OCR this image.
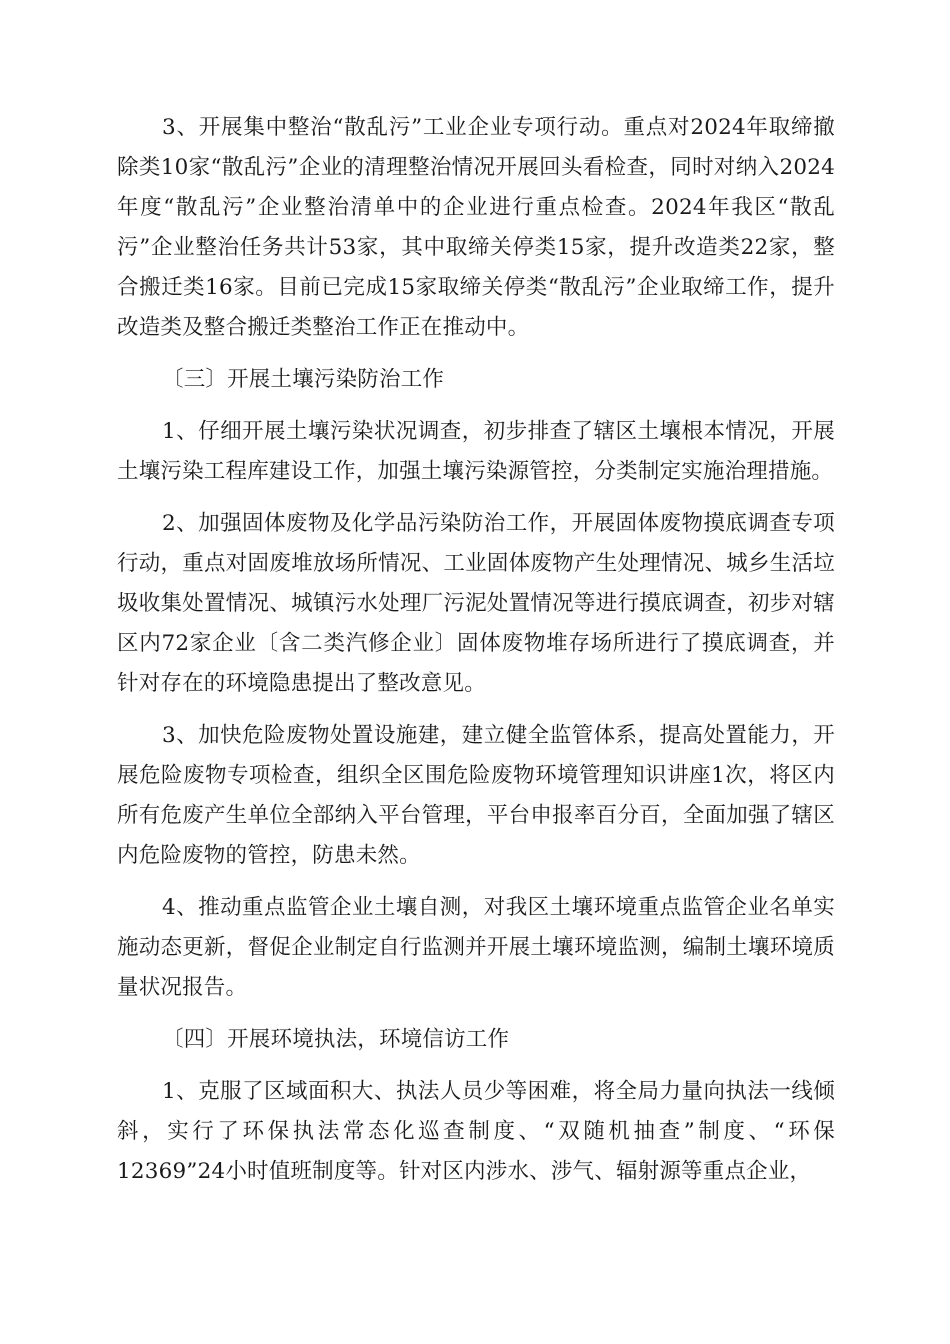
3、开展集中整治“散乱污”工业企业专项行动。重点对2024年取缔撤除类10家“散乱污”企业的清理整治情况开展回头看检查，同时对纳入2024年度“散乱污”企业整治清单中的企业进行重点检查。2024年我区“散乱污”企业整治任务共计53家，其中取缔关停类15家，提升改造类22家，整合搬迁类16家。目前已完成15家取缔关停类“散乱污”企业取缔工作，提升改造类及整合搬迁类整治工作正在推动中。

〔三〕开展土壤污染防治工作

1、仔细开展土壤污染状况调查，初步排查了辖区土壤根本情况，开展土壤污染工程库建设工作，加强土壤污染源管控，分类制定实施治理措施。

2、加强固体废物及化学品污染防治工作，开展固体废物摸底调查专项行动，重点对固废堆放场所情况、工业固体废物产生处理情况、城乡生活垃圾收集处置情况、城镇污水处理厂污泥处置情况等进行摸底调查，初步对辖区内72家企业〔含二类汽修企业〕固体废物堆存场所进行了摸底调查，并针对存在的环境隐患提出了整改意见。

3、加快危险废物处置设施建，建立健全监管体系，提高处置能力，开展危险废物专项检查，组织全区围危险废物环境管理知识讲座1次，将区内所有危废产生单位全部纳入平台管理，平台申报率百分百，全面加强了辖区内危险废物的管控，防患未然。

4、推动重点监管企业土壤自测，对我区土壤环境重点监管企业名单实施动态更新，督促企业制定自行监测并开展土壤环境监测，编制土壤环境质量状况报告。

〔四〕开展环境执法，环境信访工作

1、克服了区域面积大、执法人员少等困难，将全局力量向执法一线倾斜，实行了环保执法常态化巡查制度、“双随机抽查”制度、“环保12369”24小时值班制度等。针对区内涉水、涉气、辐射源等重点企业，
